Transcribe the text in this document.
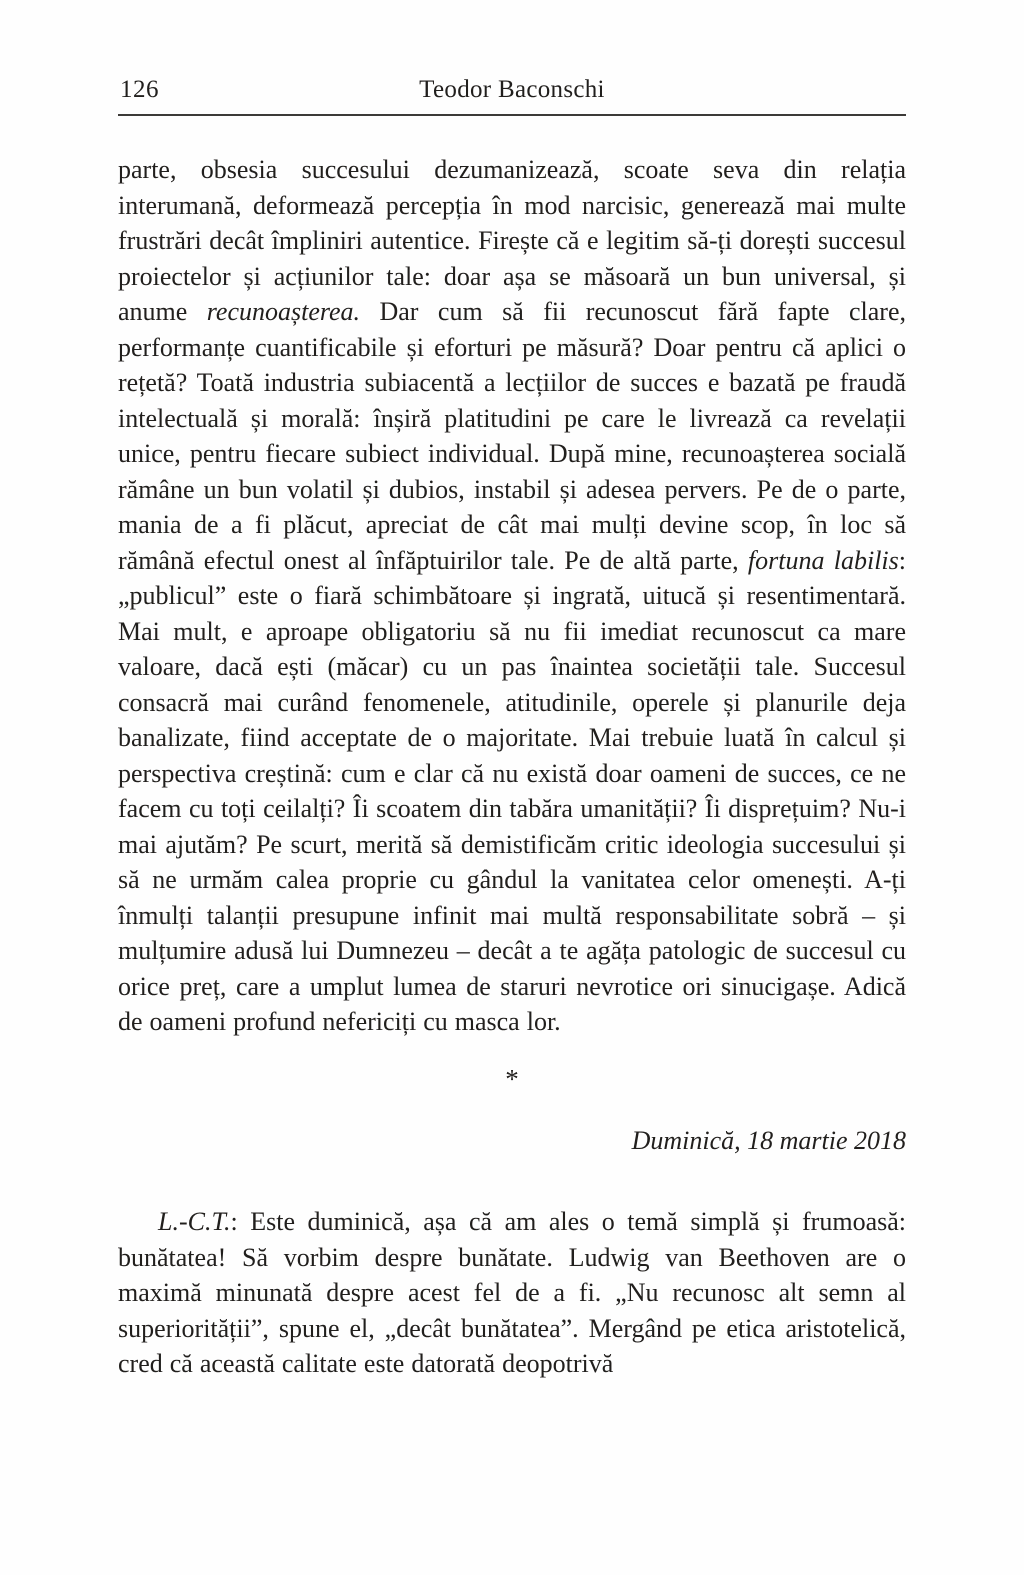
126	Teodor Baconschi

parte, obsesia succesului dezumanizează, scoate seva din relația interumană, deformează percepția în mod narcisic, generează mai multe frustrări decât împliniri autentice. Firește că e legitim să-ți dorești succesul proiectelor și acțiunilor tale: doar așa se măsoară un bun universal, și anume recunoașterea. Dar cum să fii recunoscut fără fapte clare, performanțe cuantificabile și eforturi pe măsură? Doar pentru că aplici o rețetă? Toată industria subiacentă a lecțiilor de succes e bazată pe fraudă intelectuală și morală: înșiră platitudini pe care le livrează ca revelații unice, pentru fiecare subiect individual. După mine, recunoașterea socială rămâne un bun volatil și dubios, instabil și adesea pervers. Pe de o parte, mania de a fi plăcut, apreciat de cât mai mulți devine scop, în loc să rămână efectul onest al înfăptuirilor tale. Pe de altă parte, fortuna labilis: „publicul” este o fiară schimbătoare și ingrată, uitucă și resentimentară. Mai mult, e aproape obligatoriu să nu fii imediat recunoscut ca mare valoare, dacă ești (măcar) cu un pas înaintea societății tale. Succesul consacră mai curând fenomenele, atitudinile, operele și planurile deja banalizate, fiind acceptate de o majoritate. Mai trebuie luată în calcul și perspectiva creștină: cum e clar că nu există doar oameni de succes, ce ne facem cu toți ceilalți? Îi scoatem din tabăra umanității? Îi disprețuim? Nu-i mai ajutăm? Pe scurt, merită să demistificăm critic ideologia succesului și să ne urmăm calea proprie cu gândul la vanitatea celor omenești. A-ți înmulți talanții presupune infinit mai multă responsabilitate sobră – și mulțumire adusă lui Dumnezeu – decât a te agăța patologic de succesul cu orice preț, care a umplut lumea de staruri nevrotice ori sinucigașe. Adică de oameni profund nefericiți cu masca lor.

*

Duminică, 18 martie 2018

L.-C.T.: Este duminică, așa că am ales o temă simplă și frumoasă: bunătatea! Să vorbim despre bunătate. Ludwig van Beethoven are o maximă minunată despre acest fel de a fi. „Nu recunosc alt semn al superiorității”, spune el, „decât bunătatea”. Mergând pe etica aristotelică, cred că această calitate este datorată deopotrivă
